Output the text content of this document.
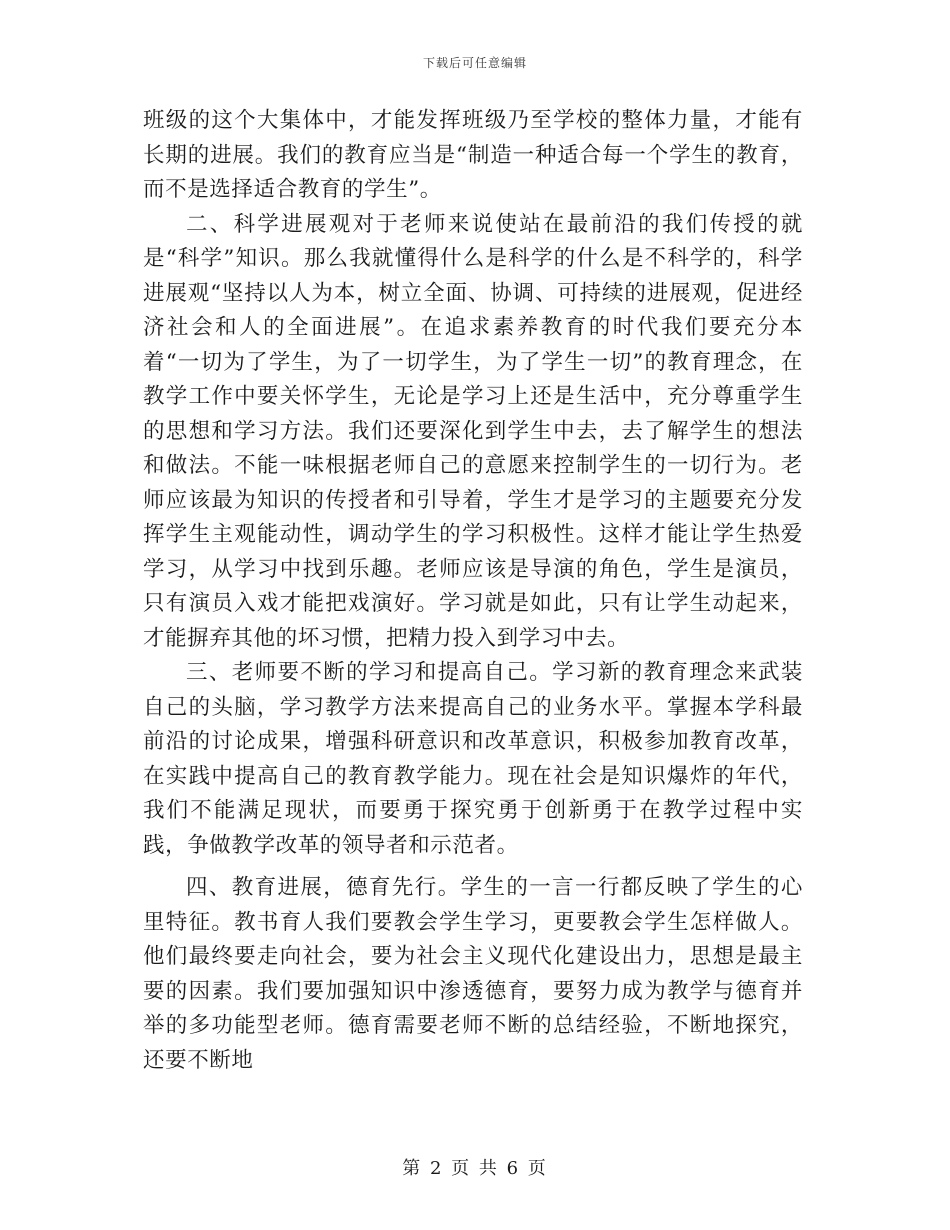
下载后可任意编辑

班级的这个大集体中，才能发挥班级乃至学校的整体力量，才能有长期的进展。我们的教育应当是“制造一种适合每一个学生的教育，而不是选择适合教育的学生”。

二、科学进展观对于老师来说使站在最前沿的我们传授的就是“科学”知识。那么我就懂得什么是科学的什么是不科学的，科学进展观“坚持以人为本，树立全面、协调、可持续的进展观，促进经济社会和人的全面进展”。在追求素养教育的时代我们要充分本着“一切为了学生，为了一切学生，为了学生一切”的教育理念，在教学工作中要关怀学生，无论是学习上还是生活中，充分尊重学生的思想和学习方法。我们还要深化到学生中去，去了解学生的想法和做法。不能一味根据老师自己的意愿来控制学生的一切行为。老师应该最为知识的传授者和引导着，学生才是学习的主题要充分发挥学生主观能动性，调动学生的学习积极性。这样才能让学生热爱学习，从学习中找到乐趣。老师应该是导演的角色，学生是演员，只有演员入戏才能把戏演好。学习就是如此，只有让学生动起来，才能摒弃其他的坏习惯，把精力投入到学习中去。

三、老师要不断的学习和提高自己。学习新的教育理念来武装自己的头脑，学习教学方法来提高自己的业务水平。掌握本学科最前沿的讨论成果，增强科研意识和改革意识，积极参加教育改革，在实践中提高自己的教育教学能力。现在社会是知识爆炸的年代，我们不能满足现状，而要勇于探究勇于创新勇于在教学过程中实践，争做教学改革的领导者和示范者。

四、教育进展，德育先行。学生的一言一行都反映了学生的心里特征。教书育人我们要教会学生学习，更要教会学生怎样做人。他们最终要走向社会，要为社会主义现代化建设出力，思想是最主要的因素。我们要加强知识中渗透德育，要努力成为教学与德育并举的多功能型老师。德育需要老师不断的总结经验，不断地探究，还要不断地

第 2 页 共 6 页
